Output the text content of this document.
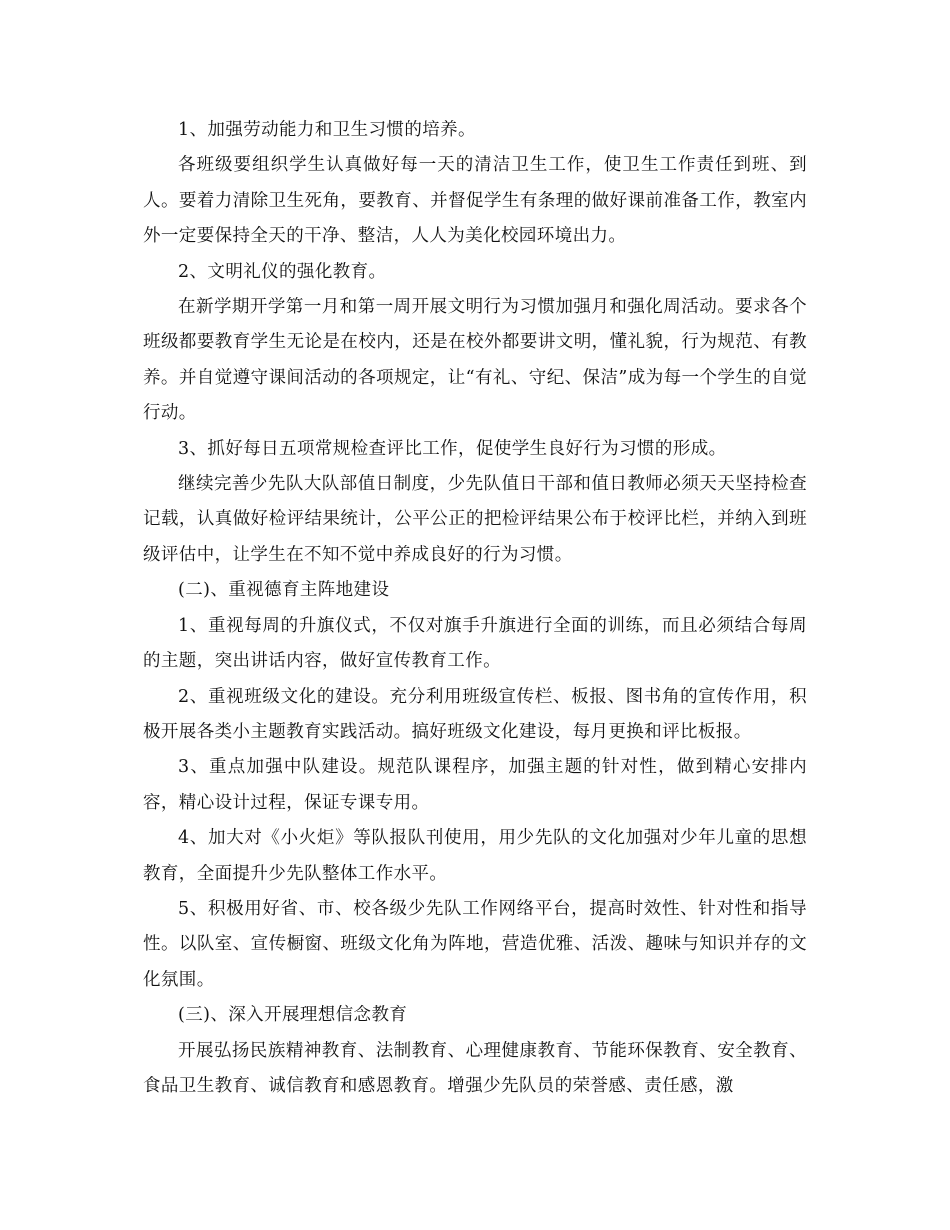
1、加强劳动能力和卫生习惯的培养。

各班级要组织学生认真做好每一天的清洁卫生工作，使卫生工作责任到班、到人。要着力清除卫生死角，要教育、并督促学生有条理的做好课前准备工作，教室内外一定要保持全天的干净、整洁，人人为美化校园环境出力。

2、文明礼仪的强化教育。

在新学期开学第一月和第一周开展文明行为习惯加强月和强化周活动。要求各个班级都要教育学生无论是在校内，还是在校外都要讲文明，懂礼貌，行为规范、有教养。并自觉遵守课间活动的各项规定，让“有礼、守纪、保洁”成为每一个学生的自觉行动。

3、抓好每日五项常规检查评比工作，促使学生良好行为习惯的形成。

继续完善少先队大队部值日制度，少先队值日干部和值日教师必须天天坚持检查记载，认真做好检评结果统计，公平公正的把检评结果公布于校评比栏，并纳入到班级评估中，让学生在不知不觉中养成良好的行为习惯。

(二)、重视德育主阵地建设

1、重视每周的升旗仪式，不仅对旗手升旗进行全面的训练，而且必须结合每周的主题，突出讲话内容，做好宣传教育工作。

2、重视班级文化的建设。充分利用班级宣传栏、板报、图书角的宣传作用，积极开展各类小主题教育实践活动。搞好班级文化建设，每月更换和评比板报。

3、重点加强中队建设。规范队课程序，加强主题的针对性，做到精心安排内容，精心设计过程，保证专课专用。

4、加大对《小火炬》等队报队刊使用，用少先队的文化加强对少年儿童的思想教育，全面提升少先队整体工作水平。

5、积极用好省、市、校各级少先队工作网络平台，提高时效性、针对性和指导性。以队室、宣传橱窗、班级文化角为阵地，营造优雅、活泼、趣味与知识并存的文化氛围。

(三)、深入开展理想信念教育

开展弘扬民族精神教育、法制教育、心理健康教育、节能环保教育、安全教育、食品卫生教育、诚信教育和感恩教育。增强少先队员的荣誉感、责任感，激
